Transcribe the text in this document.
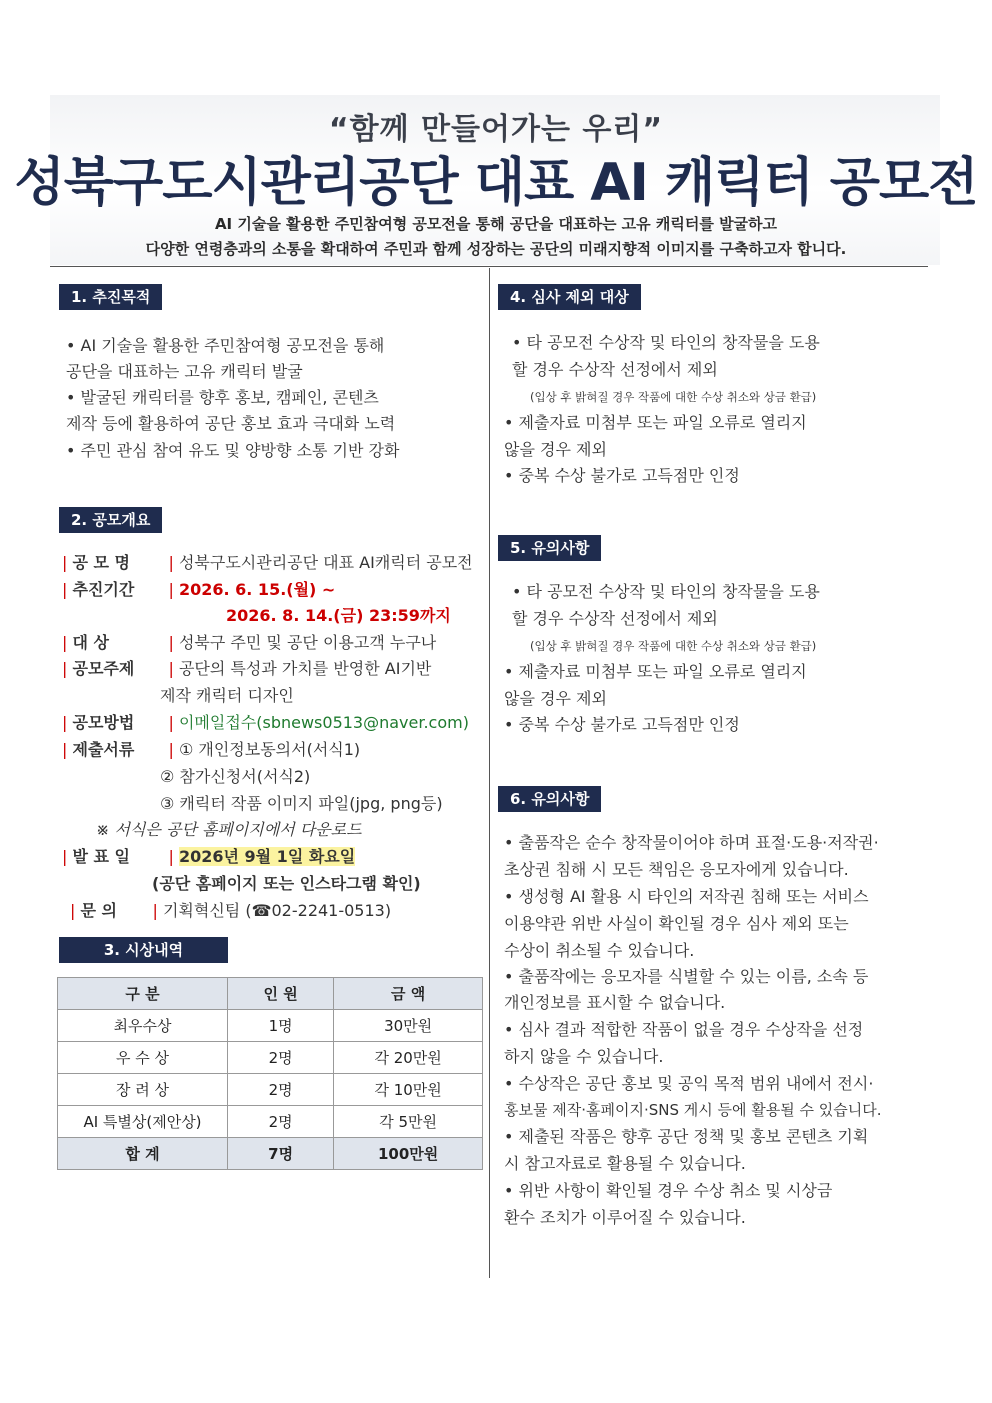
“함께 만들어가는 우리”
성북구도시관리공단 대표 AI 캐릭터 공모전
AI 기술을 활용한 주민참여형 공모전을 통해 공단을 대표하는 고유 캐릭터를 발굴하고
다양한 연령층과의 소통을 확대하여 주민과 함께 성장하는 공단의 미래지향적 이미지를 구축하고자 합니다.
1. 추진목적
• AI 기술을 활용한 주민참여형 공모전을 통해
공단을 대표하는 고유 캐릭터 발굴
• 발굴된 캐릭터를 향후 홍보, 캠페인, 콘텐츠
제작 등에 활용하여 공단 홍보 효과 극대화 노력
• 주민 관심 참여 유도 및 양방향 소통 기반 강화
2. 공모개요
| 공 모 명 | 성북구도시관리공단 대표 AI캐릭터 공모전
| 추진기간 | 2026. 6. 15.(월) ~
2026. 8. 14.(금) 23:59까지
| 대 상	| 성북구 주민 및 공단 이용고객 누구나
| 공모주제 | 공단의 특성과 가치를 반영한 AI기반
제작 캐릭터 디자인
| 공모방법 | 이메일접수(sbnews0513@naver.com)
| 제출서류 | ① 개인정보동의서(서식1)
② 참가신청서(서식2)
③ 캐릭터 작품 이미지 파일(jpg, png등)
※ 서식은 공단 홈페이지에서 다운로드
| 발 표 일 | 2026년 9월 1일 화요일
(공단 홈페이지 또는 인스타그램 확인)
| 문 의 | 기획혁신팀 (☎02-2241-0513)
3. 시상내역
구 분	인 원	금 액
최우수상	1명	30만원
우 수 상	2명	각 20만원
장 려 상	2명	각 10만원
AI 특별상(제안상)	2명	각 5만원
합 계	7명	100만원
4. 심사 제외 대상
• 타 공모전 수상작 및 타인의 창작물을 도용
할 경우 수상작 선정에서 제외
(입상 후 밝혀질 경우 작품에 대한 수상 취소와 상금 환급)
• 제출자료 미첨부 또는 파일 오류로 열리지
않을 경우 제외
• 중복 수상 불가로 고득점만 인정
5. 유의사항
• 타 공모전 수상작 및 타인의 창작물을 도용
할 경우 수상작 선정에서 제외
(입상 후 밝혀질 경우 작품에 대한 수상 취소와 상금 환급)
• 제출자료 미첨부 또는 파일 오류로 열리지
않을 경우 제외
• 중복 수상 불가로 고득점만 인정
6. 유의사항
• 출품작은 순수 창작물이어야 하며 표절·도용·저작권·
초상권 침해 시 모든 책임은 응모자에게 있습니다.
• 생성형 AI 활용 시 타인의 저작권 침해 또는 서비스
이용약관 위반 사실이 확인될 경우 심사 제외 또는
수상이 취소될 수 있습니다.
• 출품작에는 응모자를 식별할 수 있는 이름, 소속 등
개인정보를 표시할 수 없습니다.
• 심사 결과 적합한 작품이 없을 경우 수상작을 선정
하지 않을 수 있습니다.
• 수상작은 공단 홍보 및 공익 목적 범위 내에서 전시·
홍보물 제작·홈페이지·SNS 게시 등에 활용될 수 있습니다.
• 제출된 작품은 향후 공단 정책 및 홍보 콘텐츠 기획
시 참고자료로 활용될 수 있습니다.
• 위반 사항이 확인될 경우 수상 취소 및 시상금
환수 조치가 이루어질 수 있습니다.
